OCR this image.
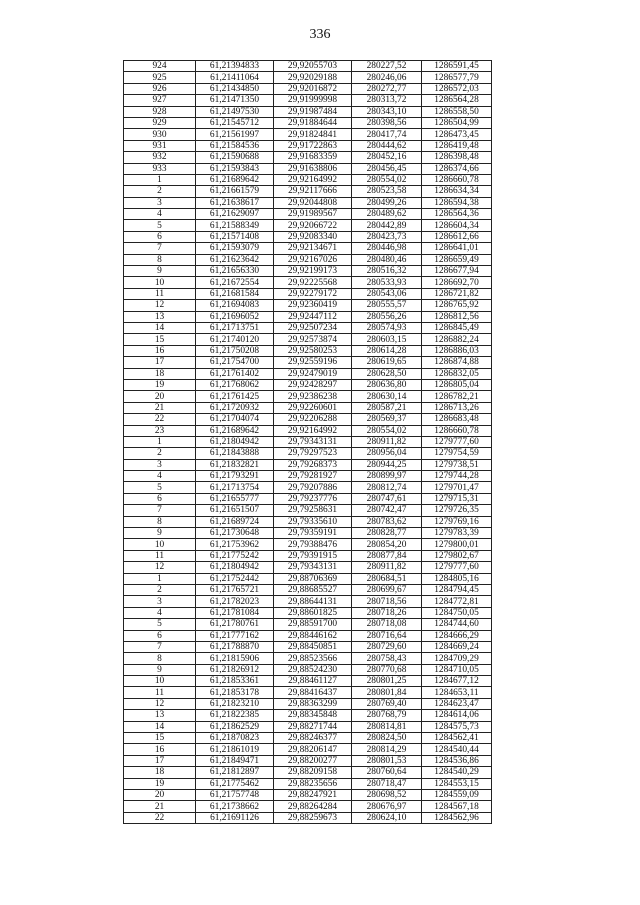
336
924	61,21394833	29,92055703	280227,52	1286591,45
925	61,21411064	29,92029188	280246,06	1286577,79
926	61,21434850	29,92016872	280272,77	1286572,03
927	61,21471350	29,91999998	280313,72	1286564,28
928	61,21497530	29,91987484	280343,10	1286558,50
929	61,21545712	29,91884644	280398,56	1286504,99
930	61,21561997	29,91824841	280417,74	1286473,45
931	61,21584536	29,91722863	280444,62	1286419,48
932	61,21590688	29,91683359	280452,16	1286398,48
933	61,21593843	29,91638806	280456,45	1286374,66
1	61,21689642	29,92164992	280554,02	1286660,78
2	61,21661579	29,92117666	280523,58	1286634,34
3	61,21638617	29,92044808	280499,26	1286594,38
4	61,21629097	29,91989567	280489,62	1286564,36
5	61,21588349	29,92066722	280442,89	1286604,34
6	61,21571408	29,92083340	280423,73	1286612,66
7	61,21593079	29,92134671	280446,98	1286641,01
8	61,21623642	29,92167026	280480,46	1286659,49
9	61,21656330	29,92199173	280516,32	1286677,94
10	61,21672554	29,92225568	280533,93	1286692,70
11	61,21681584	29,92279172	280543,06	1286721,82
12	61,21694083	29,92360419	280555,57	1286765,92
13	61,21696052	29,92447112	280556,26	1286812,56
14	61,21713751	29,92507234	280574,93	1286845,49
15	61,21740120	29,92573874	280603,15	1286882,24
16	61,21750208	29,92580253	280614,28	1286886,03
17	61,21754700	29,92559196	280619,65	1286874,88
18	61,21761402	29,92479019	280628,50	1286832,05
19	61,21768062	29,92428297	280636,80	1286805,04
20	61,21761425	29,92386238	280630,14	1286782,21
21	61,21720932	29,92260601	280587,21	1286713,26
22	61,21704074	29,92206288	280569,37	1286683,48
23	61,21689642	29,92164992	280554,02	1286660,78
1	61,21804942	29,79343131	280911,82	1279777,60
2	61,21843888	29,79297523	280956,04	1279754,59
3	61,21832821	29,79268373	280944,25	1279738,51
4	61,21793291	29,79281927	280899,97	1279744,28
5	61,21713754	29,79207886	280812,74	1279701,47
6	61,21655777	29,79237776	280747,61	1279715,31
7	61,21651507	29,79258631	280742,47	1279726,35
8	61,21689724	29,79335610	280783,62	1279769,16
9	61,21730648	29,79359191	280828,77	1279783,39
10	61,21753962	29,79388476	280854,20	1279800,01
11	61,21775242	29,79391915	280877,84	1279802,67
12	61,21804942	29,79343131	280911,82	1279777,60
1	61,21752442	29,88706369	280684,51	1284805,16
2	61,21765721	29,88685527	280699,67	1284794,45
3	61,21782023	29,88644131	280718,56	1284772,81
4	61,21781084	29,88601825	280718,26	1284750,05
5	61,21780761	29,88591700	280718,08	1284744,60
6	61,21777162	29,88446162	280716,64	1284666,29
7	61,21788870	29,88450851	280729,60	1284669,24
8	61,21815906	29,88523566	280758,43	1284709,29
9	61,21826912	29,88524230	280770,68	1284710,05
10	61,21853361	29,88461127	280801,25	1284677,12
11	61,21853178	29,88416437	280801,84	1284653,11
12	61,21823210	29,88363299	280769,40	1284623,47
13	61,21822385	29,88345848	280768,79	1284614,06
14	61,21862529	29,88271744	280814,81	1284575,73
15	61,21870823	29,88246377	280824,50	1284562,41
16	61,21861019	29,88206147	280814,29	1284540,44
17	61,21849471	29,88200277	280801,53	1284536,86
18	61,21812897	29,88209158	280760,64	1284540,29
19	61,21775462	29,88235656	280718,47	1284553,15
20	61,21757748	29,88247921	280698,52	1284559,09
21	61,21738662	29,88264284	280676,97	1284567,18
22	61,21691126	29,88259673	280624,10	1284562,96
